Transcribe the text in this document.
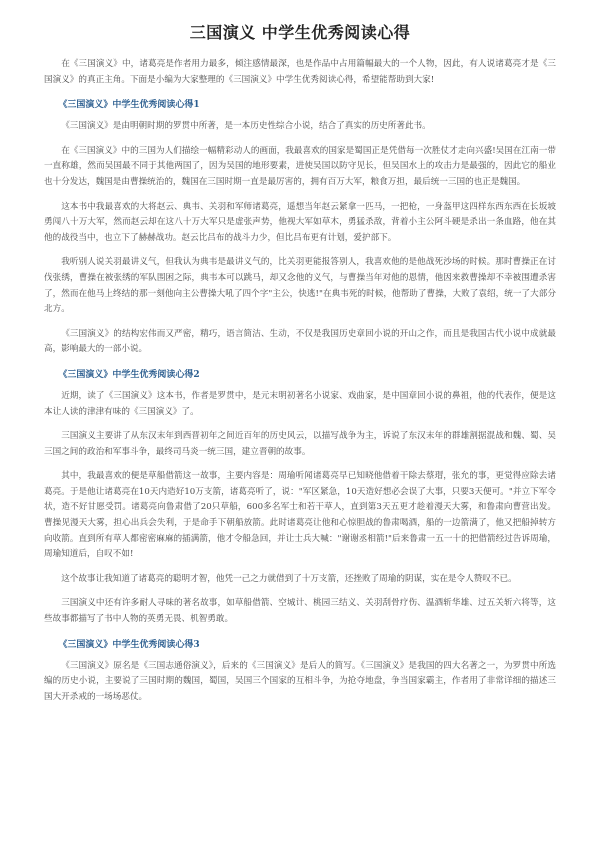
三国演义 中学生优秀阅读心得

在《三国演义》中，诸葛亮是作者用力最多，倾注感情最深，也是作品中占用篇幅最大的一个人物，因此，有人说诸葛亮才是《三国演义》的真正主角。下面是小编为大家整理的《三国演义》中学生优秀阅读心得，希望能帮助到大家!

《三国演义》中学生优秀阅读心得1

《三国演义》是由明朝时期的罗贯中所著，是一本历史性综合小说，结合了真实的历史所著此书。

在《三国演义》中的三国为人们描绘一幅精彩动人的画面，我最喜欢的国家是蜀国正是凭借每一次胜仗才走向兴盛!吴国在江南一带一直称雄，然而吴国最不同于其他两国了，因为吴国的地形要素，进使吴国以防守见长，但吴国水上的攻击力是最强的，因此它的船业也十分发达，魏国是由曹操统治的，魏国在三国时期一直是最厉害的，拥有百万大军，粮食万担，最后统一三国的也正是魏国。

这本书中我最喜欢的大将赵云、典韦、关羽和军师诸葛亮，遥想当年赵云紧拿一匹马，一把枪，一身盔甲这四样东西东西在长坂坡勇闯八十万大军，然而赵云却在这八十万大军只是虚张声势，他视大军如草木，勇猛杀敌，背着小主公阿斗硬是杀出一条血路，他在其他的战役当中，也立下了赫赫战功。赵云比吕布的战斗力少，但比吕布更有计划，爱护部下。

我听别人说关羽最讲义气，但我认为典韦是最讲义气的，比关羽更能报答别人，我喜欢他的是他战死沙场的时候。那时曹操正在讨伐张绣，曹操在被张绣的军队围困之际，典韦本可以跳马，却又念他的义气，与曹操当年对他的恩情，他因来救曹操却不幸被围遭杀害了，然而在他马上终结的那一刻他向主公曹操大吼了四个字"主公，快逃!"在典韦死的时候，他帮助了曹操，大败了袁绍，统一了大部分北方。

《三国演义》的结构宏伟而又严密，精巧，语言简洁、生动，不仅是我国历史章回小说的开山之作，而且是我国古代小说中成就最高，影响最大的一部小说。

《三国演义》中学生优秀阅读心得2

近期，读了《三国演义》这本书，作者是罗贯中，是元末明初著名小说家、戏曲家，是中国章回小说的鼻祖，他的代表作，便是这本让人读的津津有味的《三国演义》了。

三国演义主要讲了从东汉末年到西晋初年之间近百年的历史风云，以描写战争为主，诉说了东汉末年的群雄割据混战和魏、蜀、吴三国之间的政治和军事斗争，最终司马炎一统三国，建立晋朝的故事。

其中，我最喜欢的便是草船借箭这一故事，主要内容是：周瑜听闻诸葛亮早已知晓他借着干除去蔡瑁，张允的事，更觉得应除去诸葛亮。于是他让诸葛亮在10天内造好10万支箭，诸葛亮听了，说："军区紧急，10天造好想必会误了大事，只要3天便可。"并立下军令状，造不好甘愿受罚。诸葛亮向鲁肃借了20只草船，600多名军士和若干草人，直到第3天五更才趁着漫天大雾，和鲁肃向曹营出发。曹操见漫天大雾，担心出兵会失利，于是命手下朝船放箭。此时诸葛亮让他和心惊胆战的鲁肃喝酒，船的一边箭满了，他又把船掉转方向收箭。直到所有草人都密密麻麻的插满箭，他才令船急回，并让士兵大喊："谢谢丞相箭!"后来鲁肃一五一十的把借箭经过告诉周瑜，周瑜知道后，自叹不如!

这个故事让我知道了诸葛亮的聪明才智，他凭一己之力就借到了十万支箭，还挫败了周瑜的阴谋，实在是令人赞叹不已。

三国演义中还有许多耐人寻味的著名故事，如草船借箭、空城计、桃园三结义、关羽刮骨疗伤、温酒斩华雄、过五关斩六将等，这些故事都描写了书中人物的英勇无畏、机智勇敢。

《三国演义》中学生优秀阅读心得3

《三国演义》原名是《三国志通俗演义》，后来的《三国演义》是后人的简写。《三国演义》是我国的四大名著之一，为罗贯中所选编的历史小说，主要说了三国时期的魏国，蜀国，吴国三个国家的互相斗争，为抢夺地盘，争当国家霸主，作者用了非常详细的描述三国大开杀戒的一场场恶仗。
